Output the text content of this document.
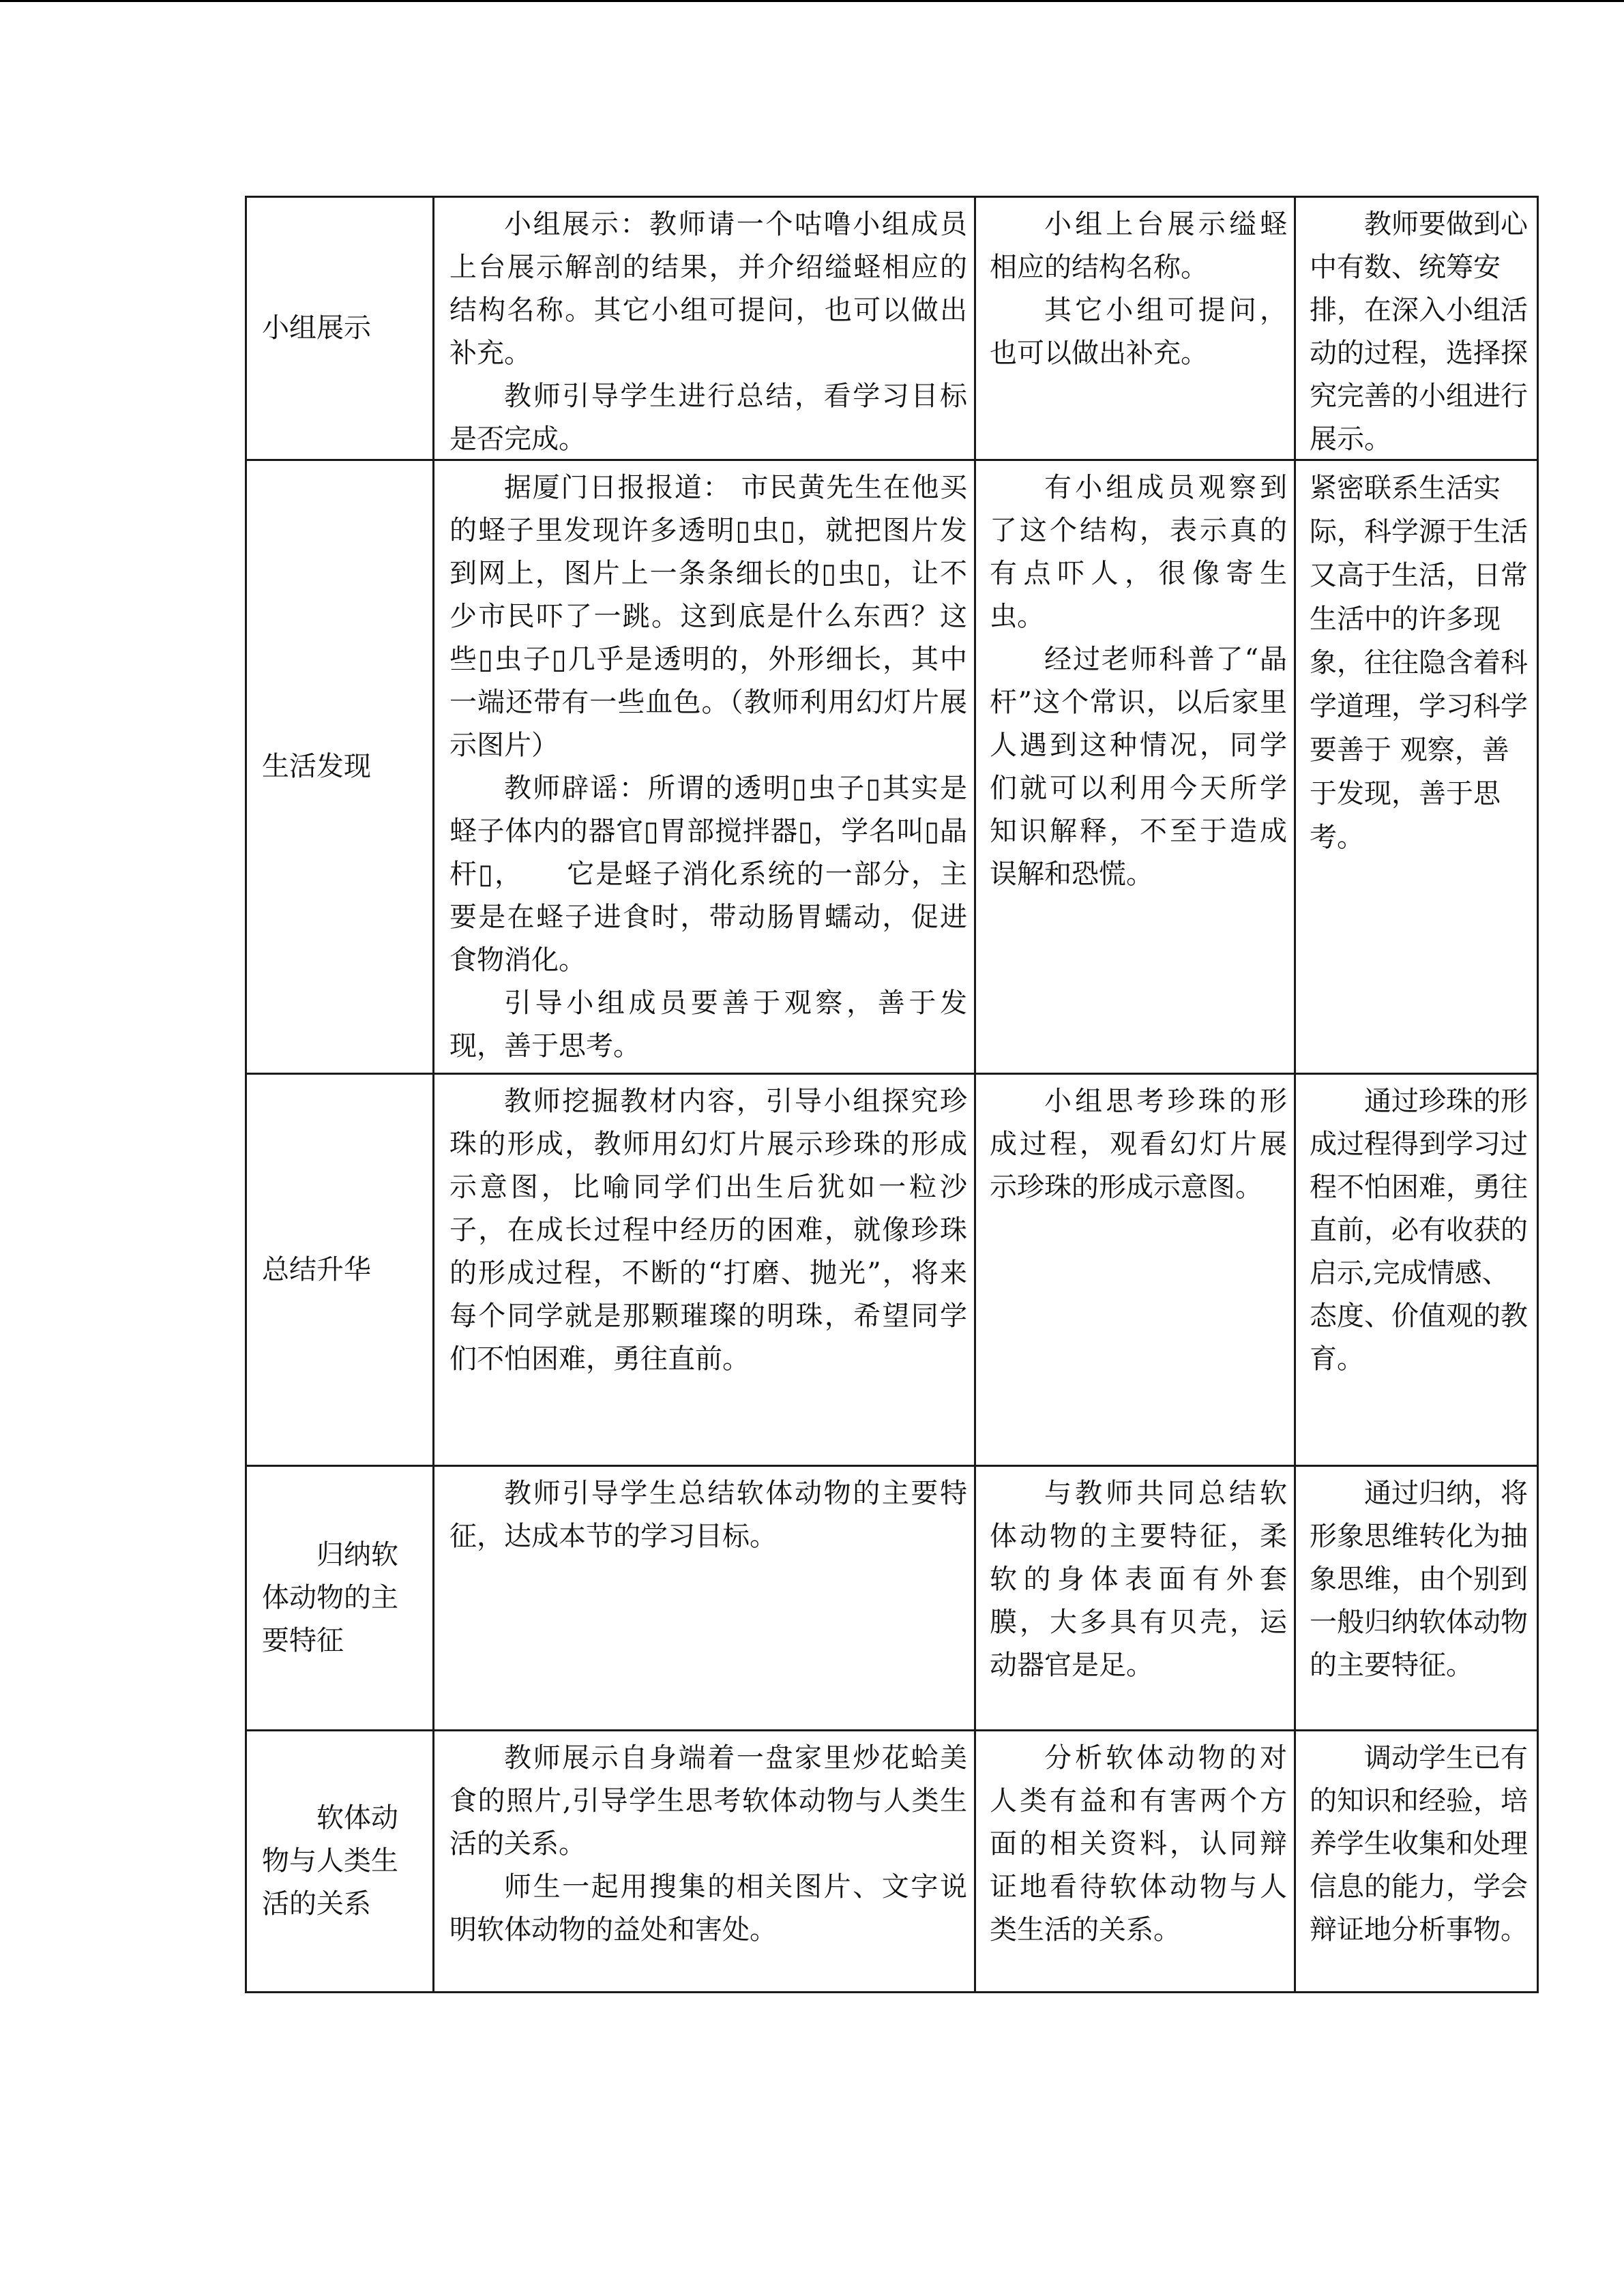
小组展示

小组展示：教师请一个咕噜小组成员上台展示解剖的结果，并介绍缢蛏相应的结构名称。其它小组可提问，也可以做出补充。

教师引导学生进行总结，看学习目标是否完成。

小组上台展示缢蛏相应的结构名称。

其它小组可提问，也可以做出补充。

教师要做到心中有数、统筹安排，在深入小组活动的过程，选择探究完善的小组进行展示。

生活发现

据厦门日报报道： 市民黄先生在他买的蛏子里发现许多透明▯虫▯，就把图片发到网上，图片上一条条细长的▯虫▯，让不少市民吓了一跳。这到底是什么东西？这些▯虫子▯几乎是透明的，外形细长，其中一端还带有一些血色。（教师利用幻灯片展示图片）

教师辟谣：所谓的透明▯虫子▯其实是蛏子体内的器官▯胃部搅拌器▯，学名叫▯晶杆▯，　　它是蛏子消化系统的一部分，主要是在蛏子进食时，带动肠胃蠕动，促进食物消化。

引导小组成员要善于观察，善于发现，善于思考。

有小组成员观察到了这个结构，表示真的有点吓人，很像寄生虫。

经过老师科普了“晶杆”这个常识，以后家里人遇到这种情况，同学们就可以利用今天所学知识解释，不至于造成误解和恐慌。

紧密联系生活实际，科学源于生活又高于生活，日常生活中的许多现象，往往隐含着科学道理，学习科学要善于 观察，善于发现，善于思考。

总结升华

教师挖掘教材内容，引导小组探究珍珠的形成，教师用幻灯片展示珍珠的形成示意图，比喻同学们出生后犹如一粒沙子，在成长过程中经历的困难，就像珍珠的形成过程，不断的“打磨、抛光”，将来每个同学就是那颗璀璨的明珠，希望同学们不怕困难，勇往直前。

小组思考珍珠的形成过程，观看幻灯片展示珍珠的形成示意图。

通过珍珠的形成过程得到学习过程不怕困难，勇往直前，必有收获的启示,完成情感、态度、价值观的教育。

归纳软体动物的主要特征

教师引导学生总结软体动物的主要特征，达成本节的学习目标。

与教师共同总结软体动物的主要特征，柔软的身体表面有外套膜，大多具有贝壳，运动器官是足。

通过归纳，将形象思维转化为抽象思维，由个别到一般归纳软体动物的主要特征。

软体动物与人类生活的关系

教师展示自身端着一盘家里炒花蛤美食的照片,引导学生思考软体动物与人类生活的关系。

师生一起用搜集的相关图片、文字说明软体动物的益处和害处。

分析软体动物的对人类有益和有害两个方面的相关资料，认同辩证地看待软体动物与人类生活的关系。

调动学生已有的知识和经验，培养学生收集和处理信息的能力，学会辩证地分析事物。
